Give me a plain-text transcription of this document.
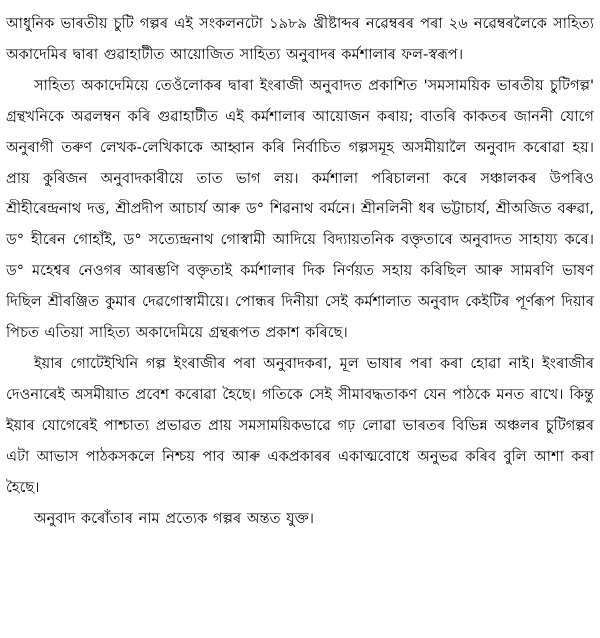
আধুনিক ভাৰতীয় চুটি গল্পৰ এই সংকলনটো ১৯৮৯ খ্ৰীষ্টাব্দৰ নৱেম্বৰৰ পৰা ২৬ নৱেম্বৰলৈকে সাহিত্য অকাদেমিৰ দ্বাৰা গুৱাহাটীত আয়োজিত সাহিত্য অনুবাদৰ কৰ্মশালাৰ ফল-স্বৰূপ।

সাহিত্য অকাদেমিয়ে তেওঁলোকৰ দ্বাৰা ইংৰাজী অনুবাদত প্ৰকাশিত 'সমসাময়িক ভাৰতীয় চুটিগল্প' গ্ৰন্থখনিকে অৱলম্বন কৰি গুৱাহাটীত এই কৰ্মশালাৰ আয়োজন কৰায়; বাতৰি কাকতৰ জাননী যোগে অনুৰাগী তৰুণ লেখক-লেখিকাকে আহ্বান কৰি নিৰ্বাচিত গল্পসমূহ অসমীয়ালৈ অনুবাদ কৰোৱা হয়। প্ৰায় কুৰিজন অনুবাদকাৰীয়ে তাত ভাগ লয়। কৰ্মশালা পৰিচালনা কৰে সঞ্চালকৰ উপৰিও শ্ৰীহীৰেন্দ্ৰনাথ দত্ত, শ্ৰীপ্ৰদীপ আচাৰ্য আৰু ড° শিৱনাথ বৰ্মনে। শ্ৰীনলিনী ধৰ ভট্টাচাৰ্য, শ্ৰীঅজিত বৰুৱা, ড° হীৰেন গোহাঁই, ড° সত্যেন্দ্ৰনাথ গোস্বামী আদিয়ে বিদ্যায়তনিক বক্তৃতাৰে অনুবাদত সাহায্য কৰে। ড° মহেশ্বৰ নেওগৰ আৰম্ভণি বক্তৃতাই কৰ্মশালাৰ দিক নিৰ্ণয়ত সহায় কৰিছিল আৰু সামৰণি ভাষণ দিছিল শ্ৰীৰঞ্জিত কুমাৰ দেৱগোস্বামীয়ে। পোন্ধৰ দিনীয়া সেই কৰ্মশালাত অনুবাদ কেইটিৰ পূৰ্ণৰূপ দিয়াৰ পিচত এতিয়া সাহিত্য অকাদেমিয়ে গ্ৰন্থৰূপত প্ৰকাশ কৰিছে।

ইয়াৰ গোটেইখিনি গল্প ইংৰাজীৰ পৰা অনুবাদকৰা, মূল ভাষাৰ পৰা কৰা হোৱা নাই। ইংৰাজীৰ দেওনাৰেই অসমীয়াত প্ৰবেশ কৰোৱা হৈছে। গতিকে সেই সীমাবদ্ধতাকণ যেন পাঠকে মনত ৰাখে। কিন্তু ইয়াৰ যোগেৰেই পাশ্চাত্য প্ৰভাৱত প্ৰায় সমসাময়িকভাৱে গঢ় লোৱা ভাৰতৰ বিভিন্ন অঞ্চলৰ চুটিগল্পৰ এটা আভাস পাঠকসকলে নিশ্চয় পাব আৰু একপ্ৰকাৰৰ একাত্মবোধে অনুভৱ কৰিব বুলি আশা কৰা হৈছে।

অনুবাদ কৰোঁতাৰ নাম প্ৰত্যেক গল্পৰ অন্তত যুক্ত।
